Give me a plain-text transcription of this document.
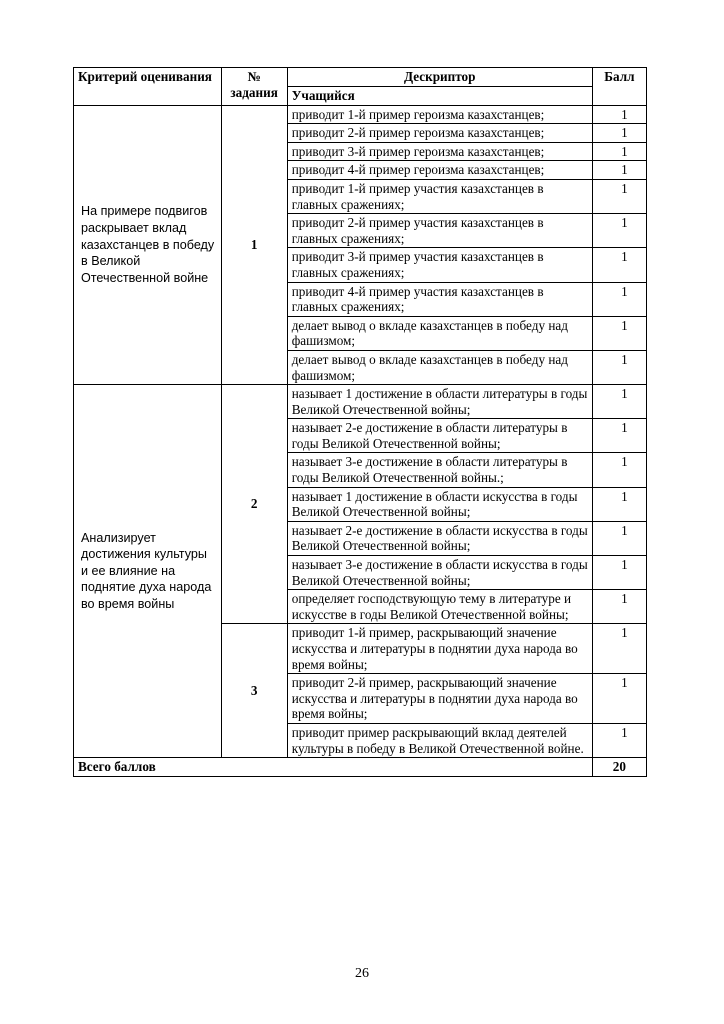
Критерий оценивания	№ задания	Дескриптор	Балл
		Учащийся	
На примере подвигов раскрывает вклад казахстанцев в победу в Великой Отечественной войне	1	приводит 1-й пример героизма казахстанцев;	1
		приводит 2-й пример героизма казахстанцев;	1
		приводит 3-й пример героизма казахстанцев;	1
		приводит 4-й пример героизма казахстанцев;	1
		приводит 1-й пример участия казахстанцев в главных сражениях;	1
		приводит 2-й пример участия казахстанцев в главных сражениях;	1
		приводит 3-й пример участия казахстанцев в главных сражениях;	1
		приводит 4-й пример участия казахстанцев в главных сражениях;	1
		делает вывод о вкладе казахстанцев в победу над фашизмом;	1
		делает вывод о вкладе казахстанцев в победу над фашизмом;	1
Анализирует достижения культуры и ее влияние на поднятие духа народа во время войны	2	называет 1 достижение в области литературы в годы Великой Отечественной войны;	1
		называет 2-е достижение в области литературы в годы Великой Отечественной войны;	1
		называет 3-е достижение в области литературы в годы Великой Отечественной войны.;	1
		называет 1 достижение в области искусства в годы Великой Отечественной войны;	1
		называет 2-е достижение в области искусства в годы Великой Отечественной войны;	1
		называет 3-е достижение в области искусства в годы Великой Отечественной войны;	1
		определяет господствующую тему в литературе и искусстве в годы Великой Отечественной войны;	1
	3	приводит 1-й пример, раскрывающий значение искусства и литературы в поднятии духа народа во время войны;	1
		приводит 2-й пример, раскрывающий значение искусства и литературы в поднятии духа народа во время войны;	1
		приводит пример раскрывающий вклад деятелей культуры в победу в Великой Отечественной войне.	1
Всего баллов			20
26
